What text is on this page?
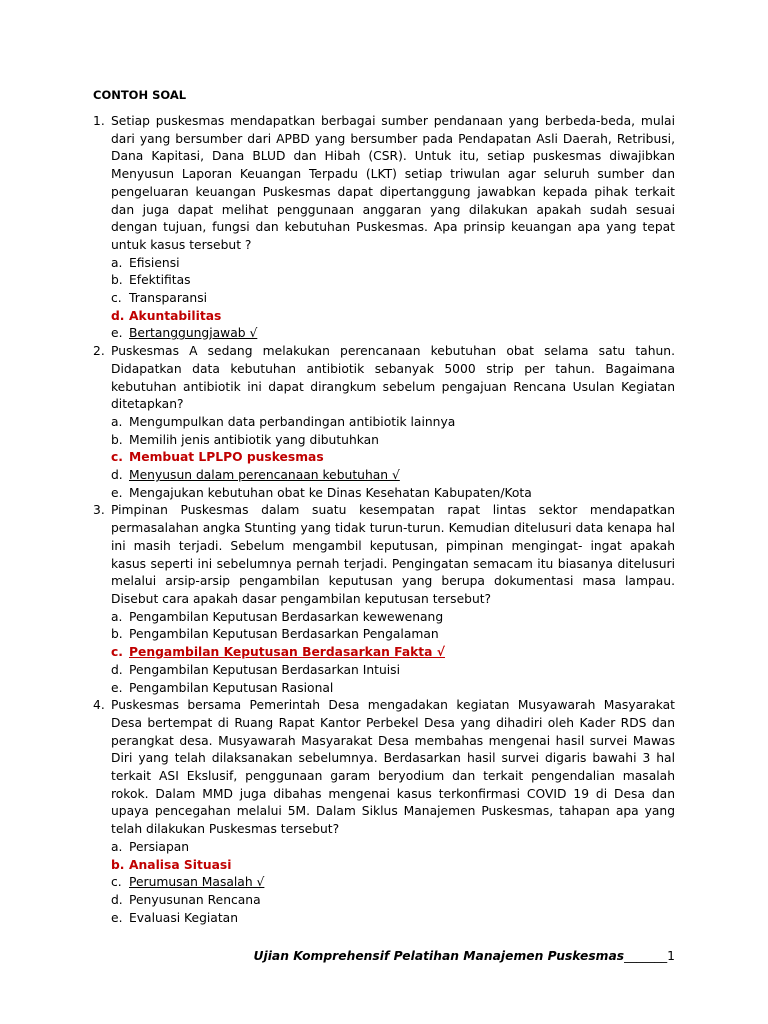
CONTOH SOAL
1. Setiap puskesmas mendapatkan berbagai sumber pendanaan yang berbeda-beda, mulai dari yang bersumber dari APBD yang bersumber pada Pendapatan Asli Daerah, Retribusi, Dana Kapitasi, Dana BLUD dan Hibah (CSR). Untuk itu, setiap puskesmas diwajibkan Menyusun Laporan Keuangan Terpadu (LKT) setiap triwulan agar seluruh sumber dan pengeluaran keuangan Puskesmas dapat dipertanggung jawabkan kepada pihak terkait dan juga dapat melihat penggunaan anggaran yang dilakukan apakah sudah sesuai dengan tujuan, fungsi dan kebutuhan Puskesmas. Apa prinsip keuangan apa yang tepat untuk kasus tersebut ?
a. Efisiensi
b. Efektifitas
c. Transparansi
d. Akuntabilitas
e. Bertanggungjawab √
2. Puskesmas A sedang melakukan perencanaan kebutuhan obat selama satu tahun. Didapatkan data kebutuhan antibiotik sebanyak 5000 strip per tahun. Bagaimana kebutuhan antibiotik ini dapat dirangkum sebelum pengajuan Rencana Usulan Kegiatan ditetapkan?
a. Mengumpulkan data perbandingan antibiotik lainnya
b. Memilih jenis antibiotik yang dibutuhkan
c. Membuat LPLPO puskesmas
d. Menyusun dalam perencanaan kebutuhan √
e. Mengajukan kebutuhan obat ke Dinas Kesehatan Kabupaten/Kota
3. Pimpinan Puskesmas dalam suatu kesempatan rapat lintas sektor mendapatkan permasalahan angka Stunting yang tidak turun-turun. Kemudian ditelusuri data kenapa hal ini masih terjadi. Sebelum mengambil keputusan, pimpinan mengingat- ingat apakah kasus seperti ini sebelumnya pernah terjadi. Pengingatan semacam itu biasanya ditelusuri melalui arsip-arsip pengambilan keputusan yang berupa dokumentasi masa lampau. Disebut cara apakah dasar pengambilan keputusan tersebut?
a. Pengambilan Keputusan Berdasarkan kewewenang
b. Pengambilan Keputusan Berdasarkan Pengalaman
c. Pengambilan Keputusan Berdasarkan Fakta √
d. Pengambilan Keputusan Berdasarkan Intuisi
e. Pengambilan Keputusan Rasional
4. Puskesmas bersama Pemerintah Desa mengadakan kegiatan Musyawarah Masyarakat Desa bertempat di Ruang Rapat Kantor Perbekel Desa yang dihadiri oleh Kader RDS dan perangkat desa. Musyawarah Masyarakat Desa membahas mengenai hasil survei Mawas Diri yang telah dilaksanakan sebelumnya. Berdasarkan hasil survei digaris bawahi 3 hal terkait ASI Ekslusif, penggunaan garam beryodium dan terkait pengendalian masalah rokok. Dalam MMD juga dibahas mengenai kasus terkonfirmasi COVID 19 di Desa dan upaya pencegahan melalui 5M. Dalam Siklus Manajemen Puskesmas, tahapan apa yang telah dilakukan Puskesmas tersebut?
a. Persiapan
b. Analisa Situasi
c. Perumusan Masalah √
d. Penyusunan Rencana
e. Evaluasi Kegiatan
Ujian Komprehensif Pelatihan Manajemen Puskesmas_______1
